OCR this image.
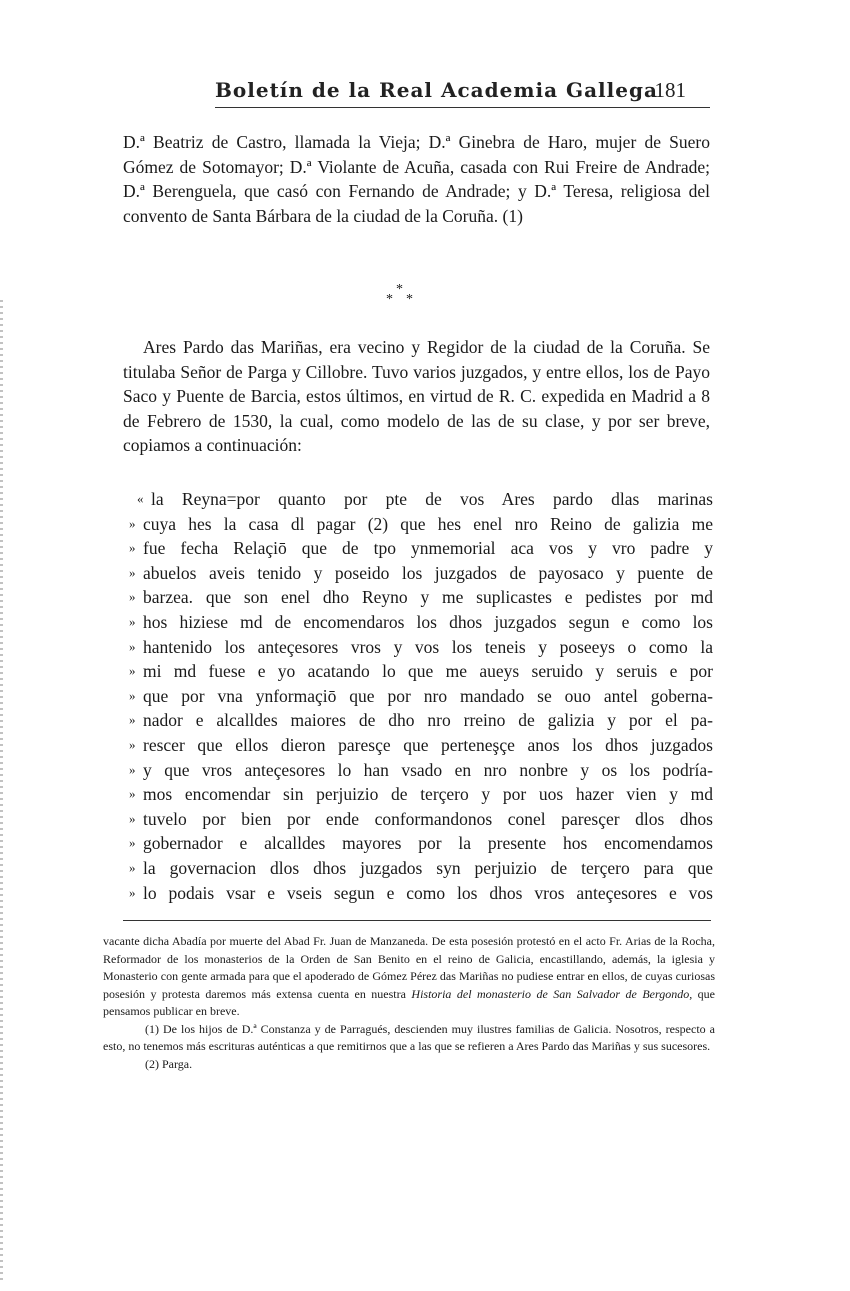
Boletín de la Real Academia Gallega
181

D.ª Beatriz de Castro, llamada la Vieja; D.ª Ginebra de Haro, mujer de Suero Gómez de Sotomayor; D.ª Violante de Acuña, casada con Rui Freire de Andrade; D.ª Berenguela, que casó con Fernando de Andrade; y D.ª Teresa, religiosa del convento de Santa Bárbara de la ciudad de la Coruña. (1)

*
* *

Ares Pardo das Mariñas, era vecino y Regidor de la ciudad de la Coruña. Se titulaba Señor de Parga y Cillobre. Tuvo varios juzgados, y entre ellos, los de Payo Saco y Puente de Barcia, estos últimos, en virtud de R. C. expedida en Madrid a 8 de Febrero de 1530, la cual, como modelo de las de su clase, y por ser breve, copiamos a continuación:

« la Reyna=por quanto por pte de vos Ares pardo dlas marinas
» cuya hes la casa dl pagar (2) que hes enel nro Reino de galizia me
» fue fecha Relaçiō que de tpo ynmemorial aca vos y vro padre y
» abuelos aveis tenido y poseido los juzgados de payosaco y puente de
» barzea. que son enel dho Reyno y me suplicastes e pedistes por md
» hos hiziese md de encomendaros los dhos juzgados segun e como los
» hantenido los anteçesores vros y vos los teneis y poseeys o como la
» mi md fuese e yo acatando lo que me aueys seruido y seruis e por
» que por vna ynformaçiō que por nro mandado se ouo antel goberna-
» nador e alcalldes maiores de dho nro rreino de galizia y por el pa-
» rescer que ellos dieron paresçe que perteneşçe anos los dhos juzgados
» y que vros anteçesores lo han vsado en nro nonbre y os los podría-
» mos encomendar sin perjuizio de terçero y por uos hazer vien y md
» tuvelo por bien por ende conformandonos conel paresçer dlos dhos
» gobernador e alcalldes mayores por la presente hos encomendamos
» la governacion dlos dhos juzgados syn perjuizio de terçero para que
» lo podais vsar e vseis segun e como los dhos vros anteçesores e vos

vacante dicha Abadía por muerte del Abad Fr. Juan de Manzaneda. De esta posesión protestó en el acto Fr. Arias de la Rocha, Reformador de los monasterios de la Orden de San Benito en el reino de Galicia, encastillando, además, la iglesia y Monasterio con gente armada para que el apoderado de Gómez Pérez das Mariñas no pudiese entrar en ellos, de cuyas curiosas posesión y protesta daremos más extensa cuenta en nuestra Historia del monasterio de San Salvador de Bergondo, que pensamos publicar en breve.

(1) De los hijos de D.ª Constanza y de Parragués, descienden muy ilustres familias de Galicia. Nosotros, respecto a esto, no tenemos más escrituras auténticas a que remitirnos que a las que se refieren a Ares Pardo das Mariñas y sus sucesores.

(2) Parga.
